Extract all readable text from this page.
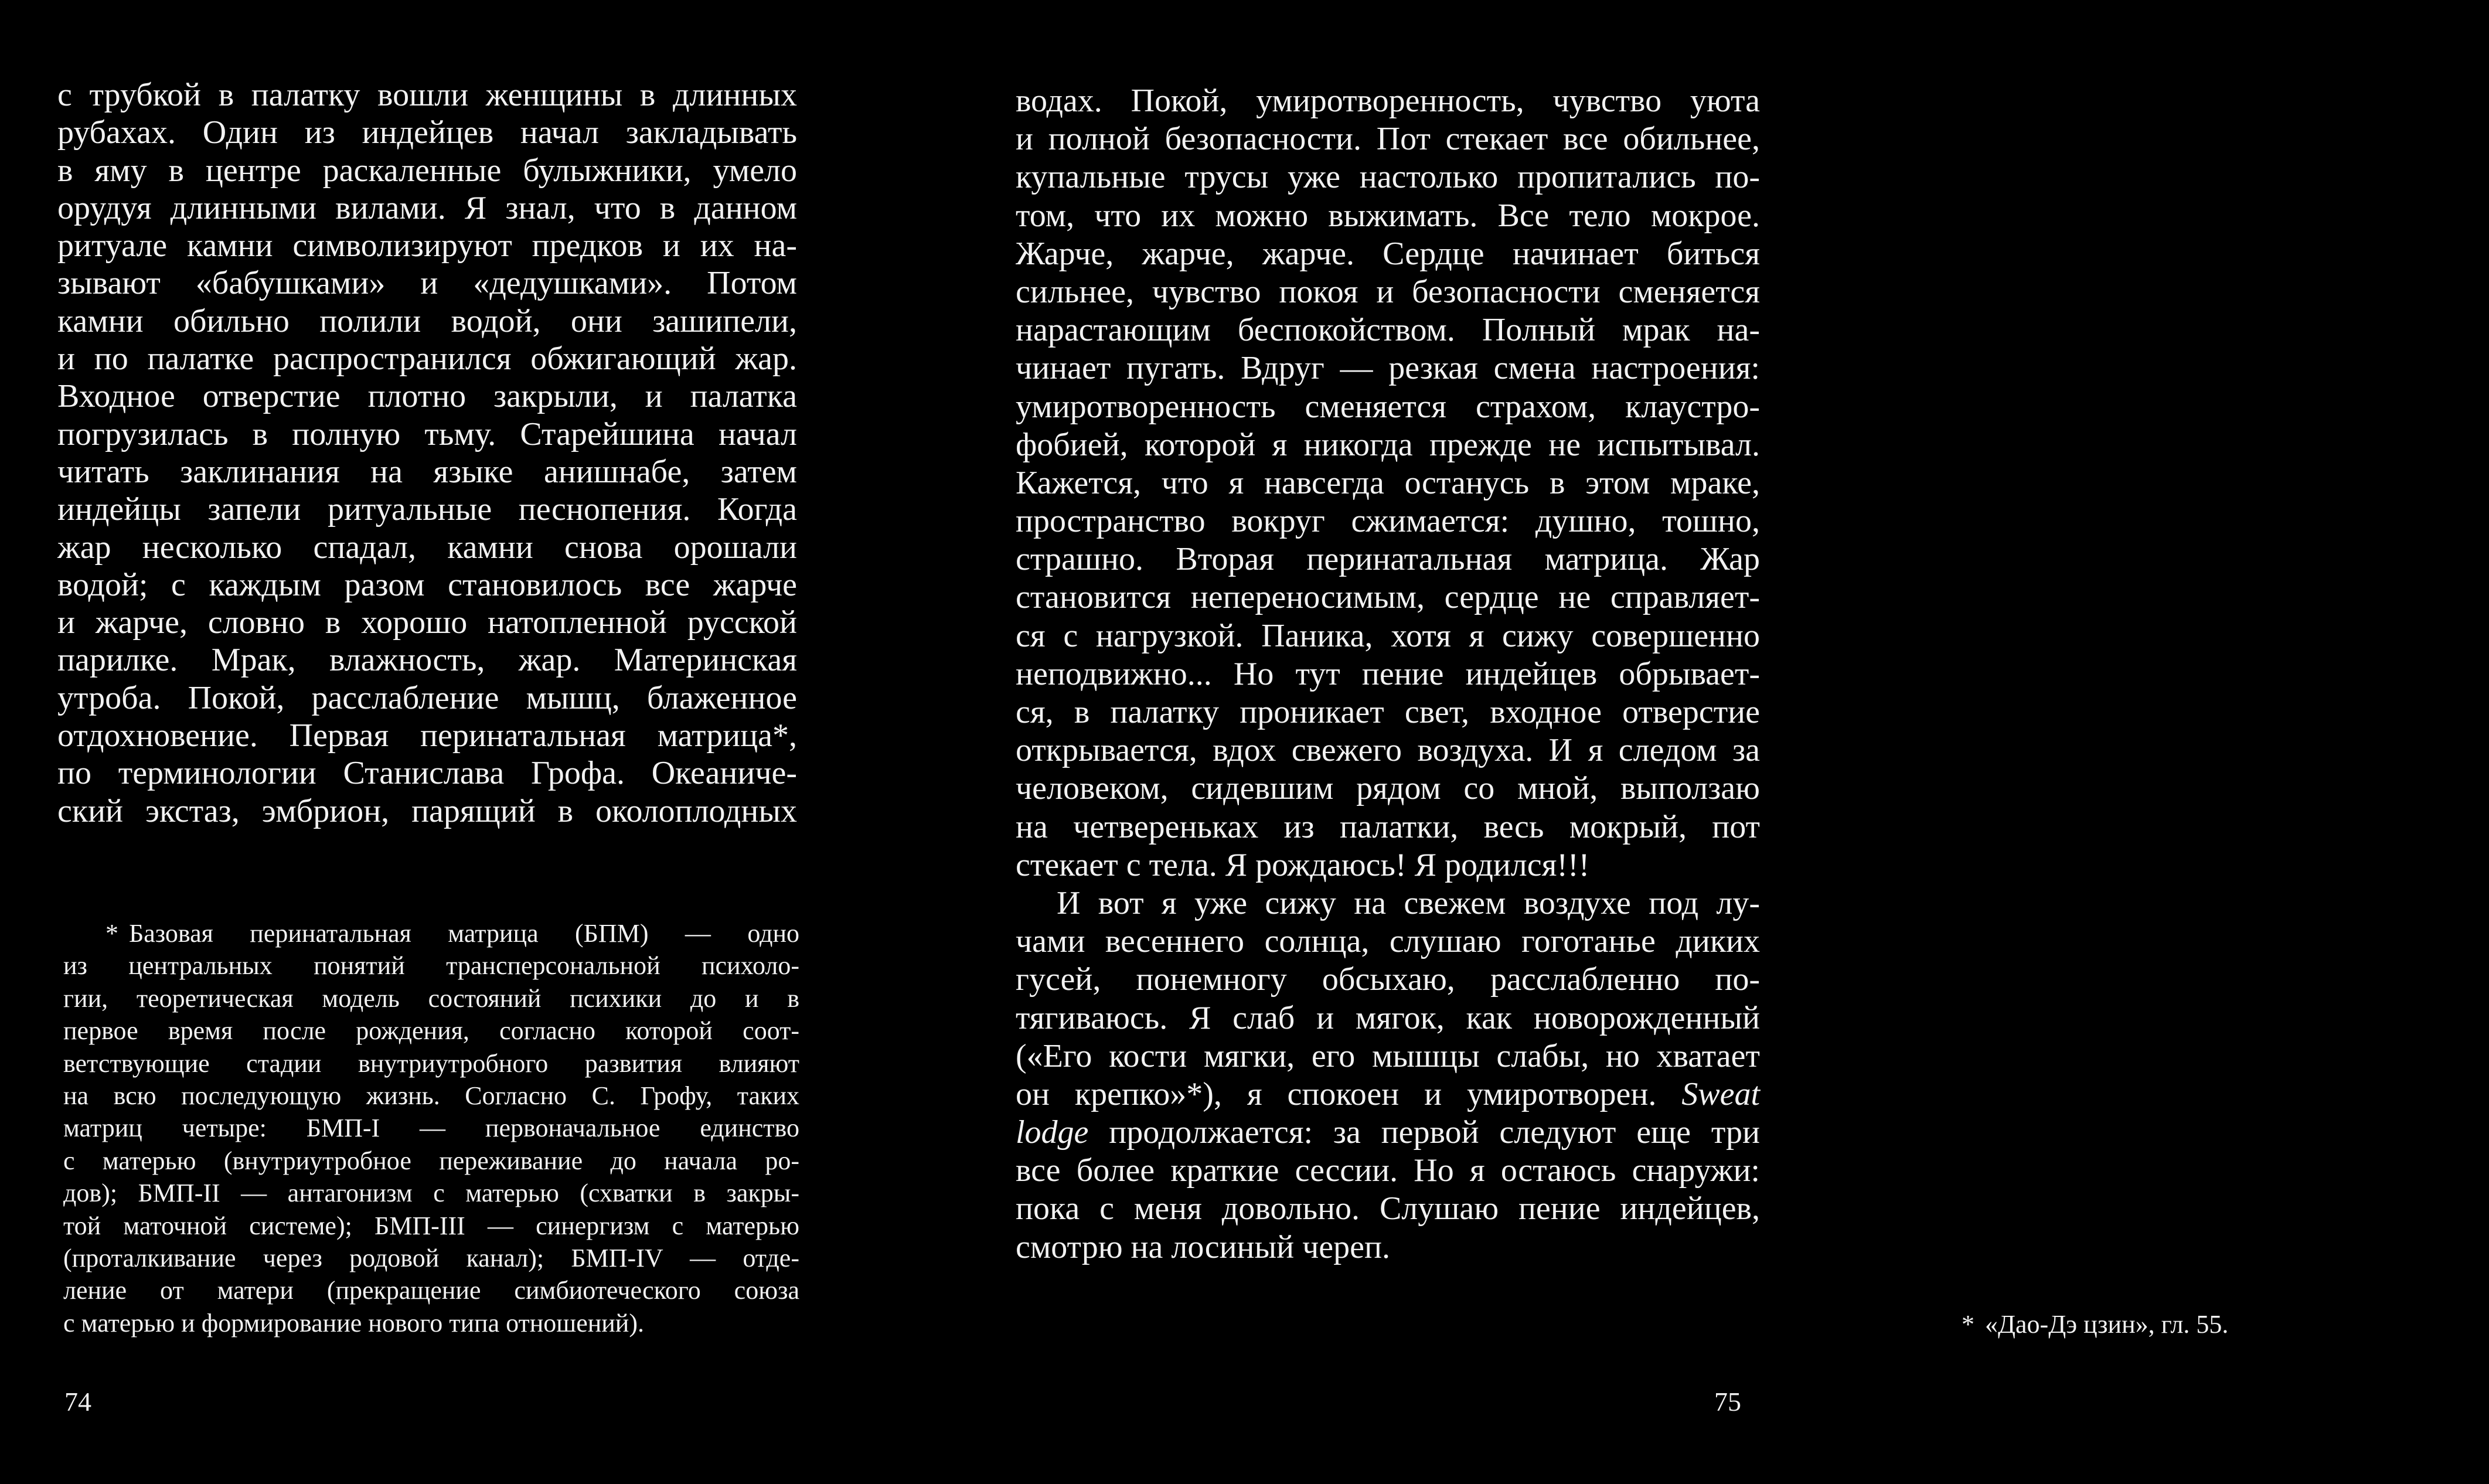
с трубкой в палатку вошли женщины в длинных
рубахах. Один из индейцев начал закладывать
в яму в центре раскаленные булыжники, умело
орудуя длинными вилами. Я знал, что в данном
ритуале камни символизируют предков и их на-
зывают «бабушками» и «дедушками». Потом
камни обильно полили водой, они зашипели,
и по палатке распространился обжигающий жар.
Входное отверстие плотно закрыли, и палатка
погрузилась в полную тьму. Старейшина начал
читать заклинания на языке анишнабе, затем
индейцы запели ритуальные песнопения. Когда
жар несколько спадал, камни снова орошали
водой; с каждым разом становилось все жарче
и жарче, словно в хорошо натопленной русской
парилке. Мрак, влажность, жар. Материнская
утроба. Покой, расслабление мышц, блаженное
отдохновение. Первая перинатальная матрица*,
по терминологии Станислава Грофа. Океаниче-
ский экстаз, эмбрион, парящий в околоплодных
* Базовая перинатальная матрица (БПМ) — одно
из центральных понятий трансперсональной психоло-
гии, теоретическая модель состояний психики до и в
первое время после рождения, согласно которой соот-
ветствующие стадии внутриутробного развития влияют
на всю последующую жизнь. Согласно С. Грофу, таких
матриц четыре: БМП-I — первоначальное единство
с матерью (внутриутробное переживание до начала ро-
дов); БМП-II — антагонизм с матерью (схватки в закры-
той маточной системе); БМП-III — синергизм с матерью
(проталкивание через родовой канал); БМП-IV — отде-
ление от матери (прекращение симбиотеческого союза
с матерью и формирование нового типа отношений).
74
водах. Покой, умиротворенность, чувство уюта
и полной безопасности. Пот стекает все обильнее,
купальные трусы уже настолько пропитались по-
том, что их можно выжимать. Все тело мокрое.
Жарче, жарче, жарче. Сердце начинает биться
сильнее, чувство покоя и безопасности сменяется
нарастающим беспокойством. Полный мрак на-
чинает пугать. Вдруг — резкая смена настроения:
умиротворенность сменяется страхом, клаустро-
фобией, которой я никогда прежде не испытывал.
Кажется, что я навсегда останусь в этом мраке,
пространство вокруг сжимается: душно, тошно,
страшно. Вторая перинатальная матрица. Жар
становится непереносимым, сердце не справляет-
ся с нагрузкой. Паника, хотя я сижу совершенно
неподвижно... Но тут пение индейцев обрывает-
ся, в палатку проникает свет, входное отверстие
открывается, вдох свежего воздуха. И я следом за
человеком, сидевшим рядом со мной, выползаю
на четвереньках из палатки, весь мокрый, пот
стекает с тела. Я рождаюсь! Я родился!!!
И вот я уже сижу на свежем воздухе под лу-
чами весеннего солнца, слушаю гоготанье диких
гусей, понемногу обсыхаю, расслабленно по-
тягиваюсь. Я слаб и мягок, как новорожденный
(«Его кости мягки, его мышцы слабы, но хватает
он крепко»*), я спокоен и умиротворен. Sweat
lodge продолжается: за первой следуют еще три
все более краткие сессии. Но я остаюсь снаружи:
пока с меня довольно. Слушаю пение индейцев,
смотрю на лосиный череп.
* «Дао-Дэ цзин», гл. 55.
75
